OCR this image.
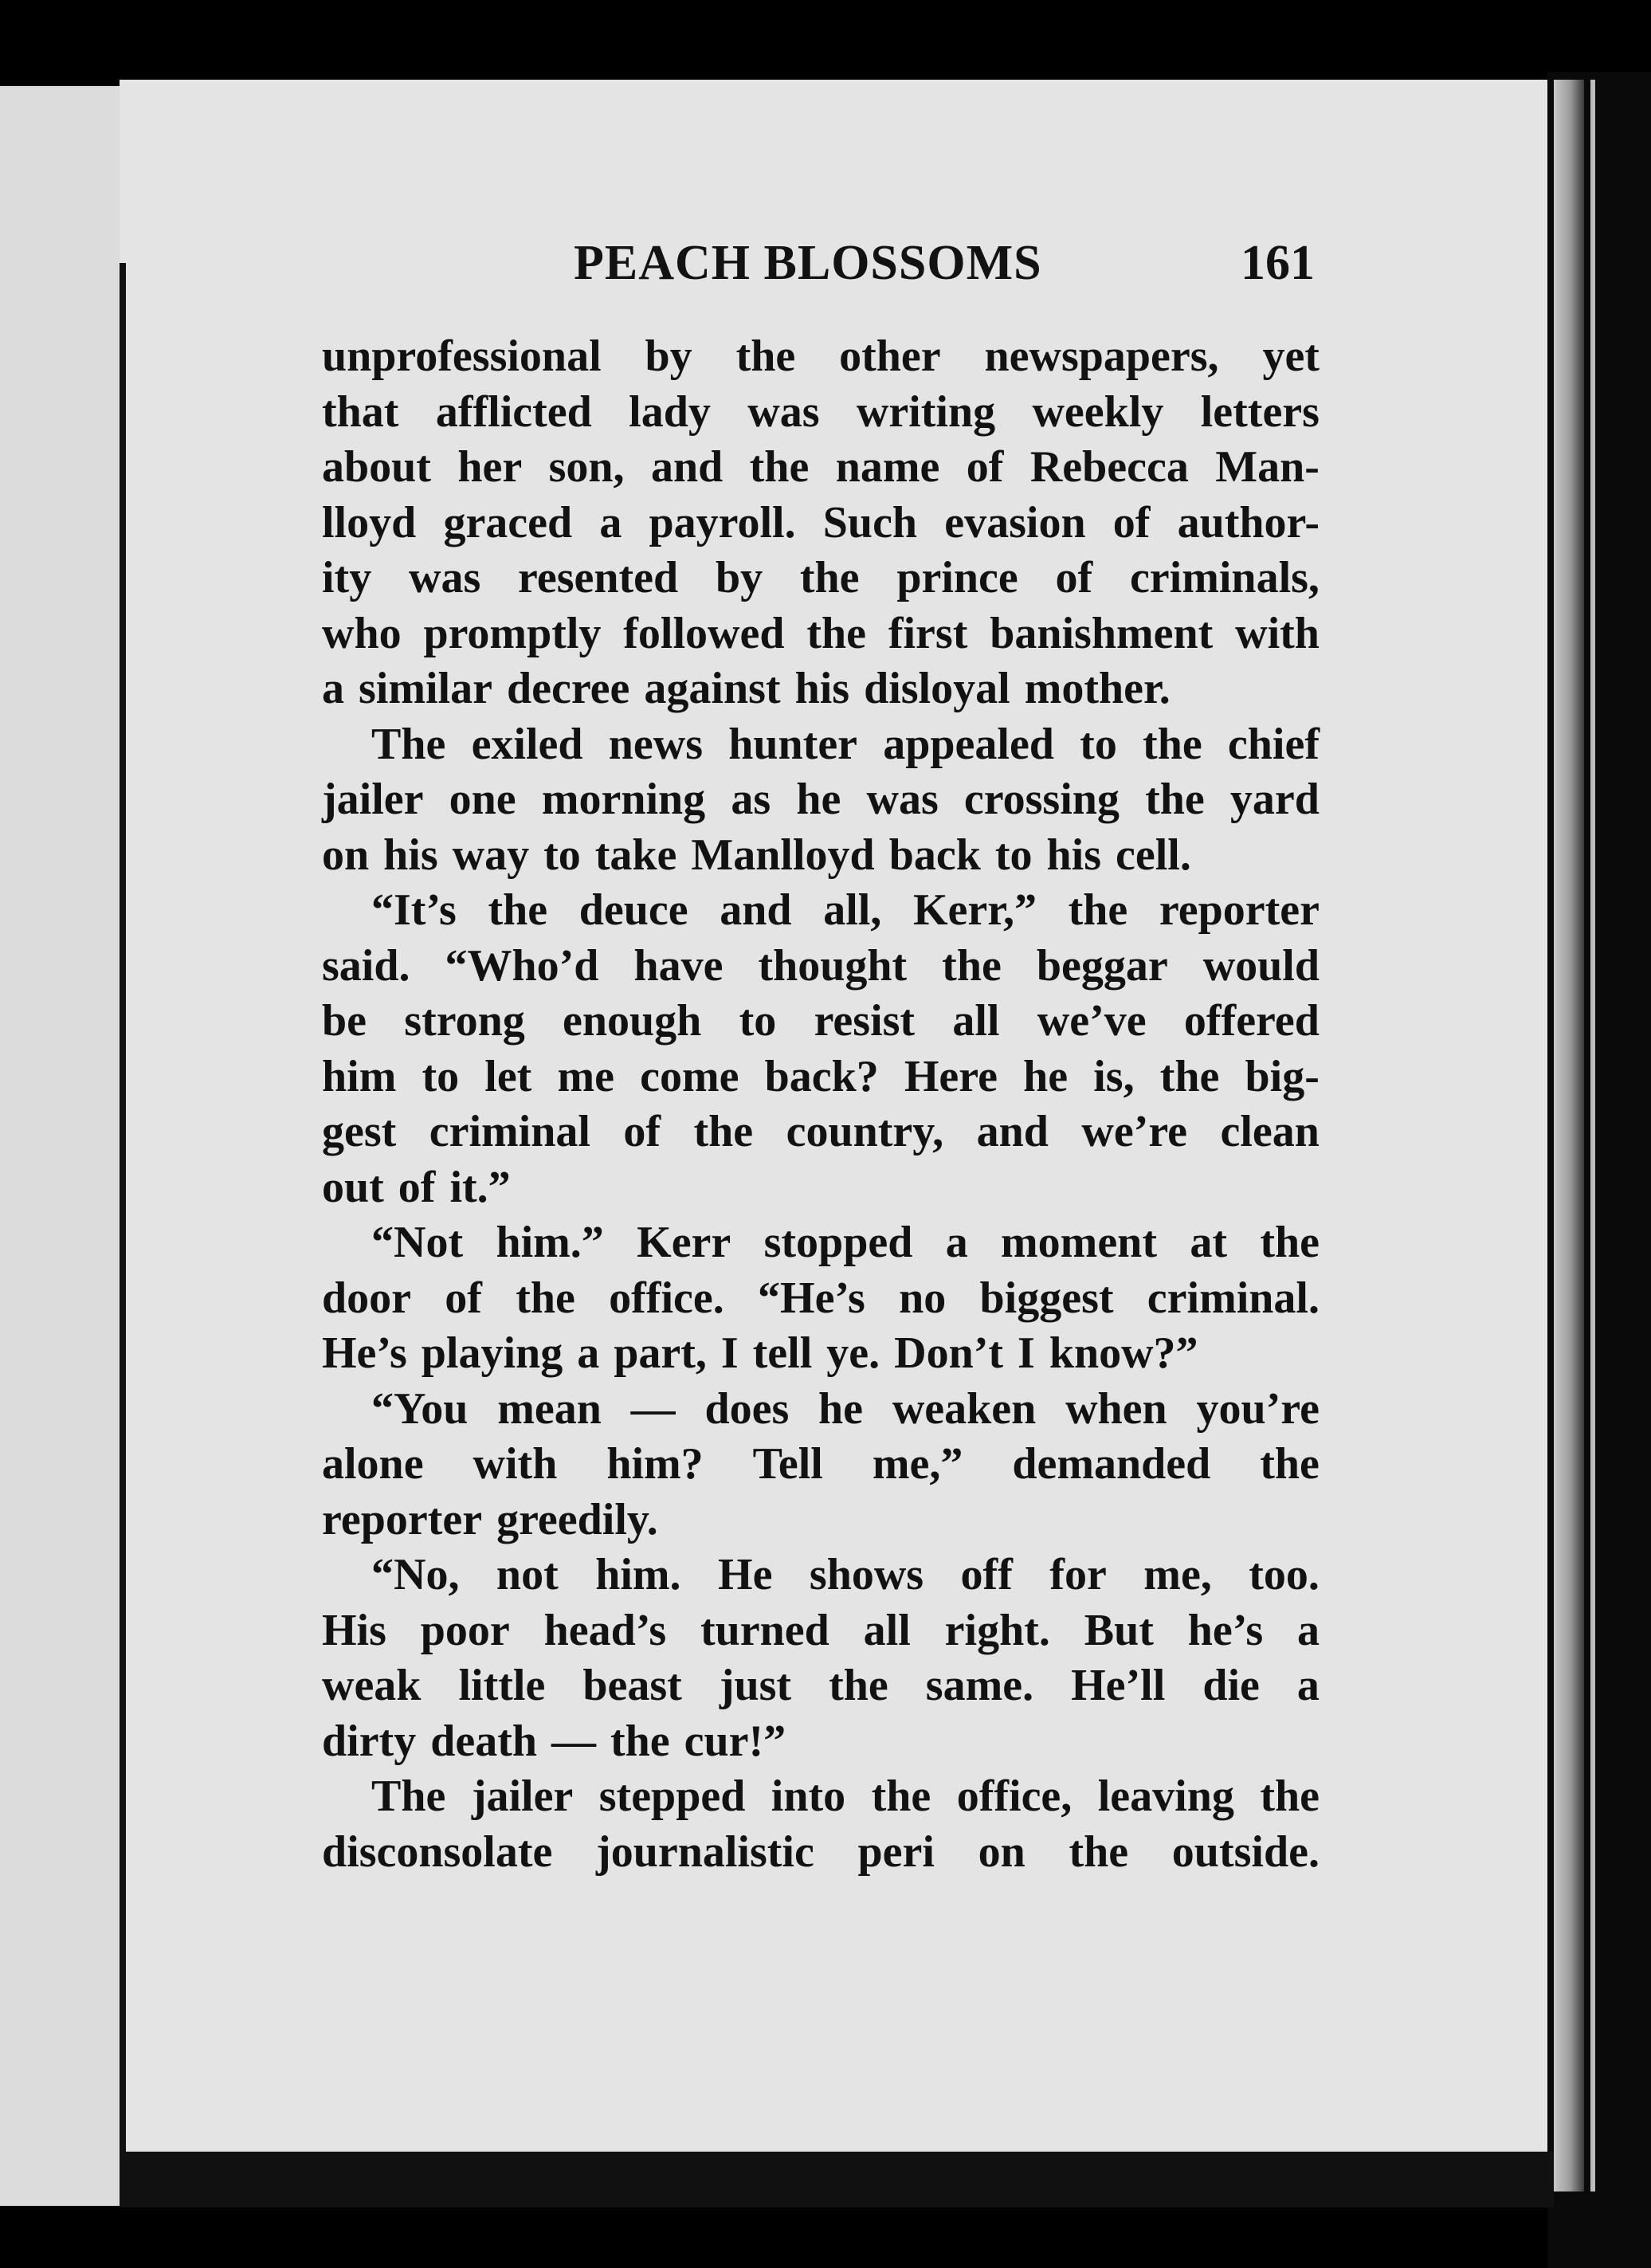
PEACH BLOSSOMS	161
unprofessional by the other newspapers, yet
that afflicted lady was writing weekly letters
about her son, and the name of Rebecca Man-
lloyd graced a payroll. Such evasion of author-
ity was resented by the prince of criminals,
who promptly followed the first banishment with
a similar decree against his disloyal mother.
The exiled news hunter appealed to the chief
jailer one morning as he was crossing the yard
on his way to take Manlloyd back to his cell.
“It’s the deuce and all, Kerr,” the reporter
said. “Who’d have thought the beggar would
be strong enough to resist all we’ve offered
him to let me come back? Here he is, the big-
gest criminal of the country, and we’re clean
out of it.”
“Not him.” Kerr stopped a moment at the
door of the office. “He’s no biggest criminal.
He’s playing a part, I tell ye. Don’t I know?”
“You mean — does he weaken when you’re
alone with him? Tell me,” demanded the
reporter greedily.
“No, not him. He shows off for me, too.
His poor head’s turned all right. But he’s a
weak little beast just the same. He’ll die a
dirty death — the cur!”
The jailer stepped into the office, leaving the
disconsolate journalistic peri on the outside.
